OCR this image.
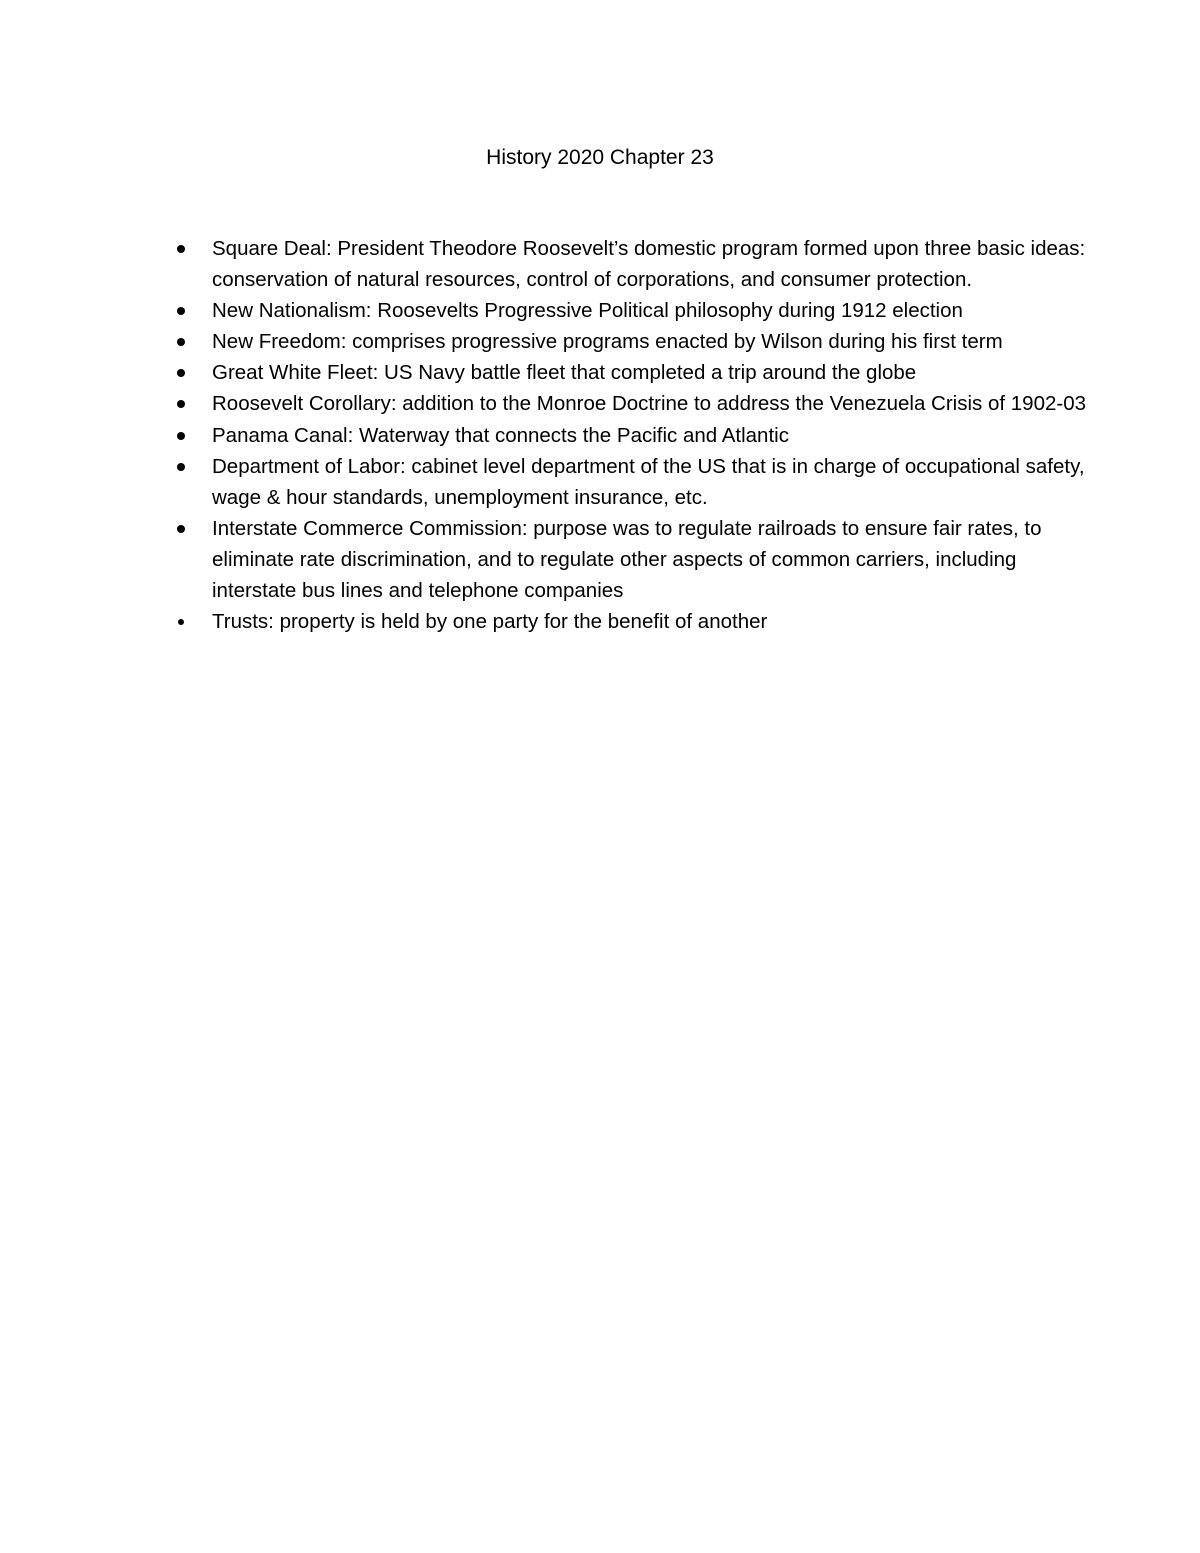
History 2020 Chapter 23
Square Deal: President Theodore Roosevelt’s domestic program formed upon three basic ideas: conservation of natural resources, control of corporations, and consumer protection.
New Nationalism: Roosevelts Progressive Political philosophy during 1912 election
New Freedom: comprises progressive programs enacted by Wilson during his first term
Great White Fleet: US Navy battle fleet that completed a trip around the globe
Roosevelt Corollary: addition to the Monroe Doctrine to address the Venezuela Crisis of 1902-03
Panama Canal: Waterway that connects the Pacific and Atlantic
Department of Labor: cabinet level department of the US that is in charge of occupational safety, wage & hour standards, unemployment insurance, etc.
Interstate Commerce Commission: purpose was to regulate railroads to ensure fair rates, to eliminate rate discrimination, and to regulate other aspects of common carriers, including interstate bus lines and telephone companies
Trusts: property is held by one party for the benefit of another
